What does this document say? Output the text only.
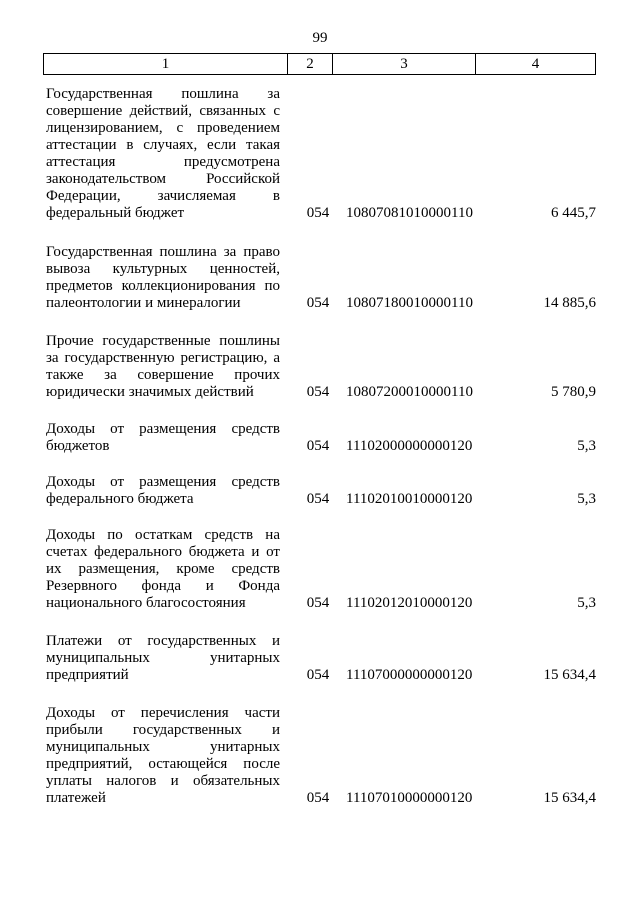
99
1	2	3	4
Государственная пошлина за совершение действий, связанных с лицензированием, с проведением аттестации в случаях, если такая аттестация предусмотрена законодательством Российской Федерации, зачисляемая в федеральный бюджет	054 10807081010000110	6 445,7
Государственная пошлина за право вывоза культурных ценностей, предметов коллекционирования по палеонтологии и минералогии	054 10807180010000110	14 885,6
Прочие государственные пошлины за государственную регистрацию, а также за совершение прочих юридически значимых действий	054 10807200010000110	5 780,9
Доходы от размещения средств бюджетов	054 11102000000000120	5,3
Доходы от размещения средств федерального бюджета	054 11102010010000120	5,3
Доходы по остаткам средств на счетах федерального бюджета и от их размещения, кроме средств Резервного фонда и Фонда национального благосостояния	054 11102012010000120	5,3
Платежи от государственных и муниципальных унитарных предприятий	054 11107000000000120	15 634,4
Доходы от перечисления части прибыли государственных и муниципальных унитарных предприятий, остающейся после уплаты налогов и обязательных платежей	054 11107010000000120	15 634,4
